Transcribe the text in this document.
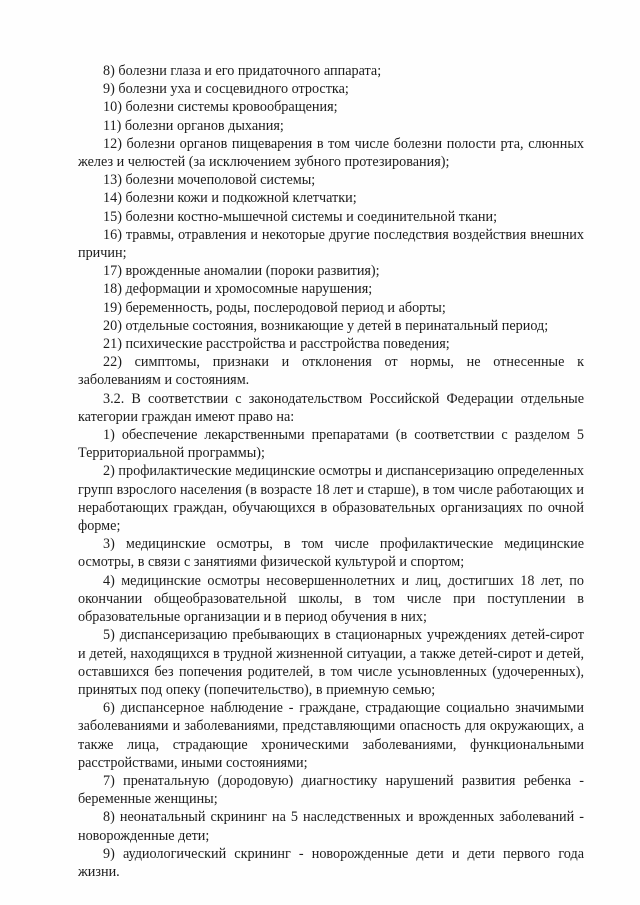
8) болезни глаза и его придаточного аппарата;

9) болезни уха и сосцевидного отростка;

10) болезни системы кровообращения;

11) болезни органов дыхания;

12) болезни органов пищеварения в том числе болезни полости рта, слюнных желез и челюстей (за исключением зубного протезирования);

13) болезни мочеполовой системы;

14) болезни кожи и подкожной клетчатки;

15) болезни костно-мышечной системы и соединительной ткани;

16) травмы, отравления и некоторые другие последствия воздействия внешних причин;

17) врожденные аномалии (пороки развития);

18) деформации и хромосомные нарушения;

19) беременность, роды, послеродовой период и аборты;

20) отдельные состояния, возникающие у детей в перинатальный период;

21) психические расстройства и расстройства поведения;

22) симптомы, признаки и отклонения от нормы, не отнесенные к заболеваниям и состояниям.

3.2. В соответствии с законодательством Российской Федерации отдельные категории граждан имеют право на:

1) обеспечение лекарственными препаратами (в соответствии с разделом 5 Территориальной программы);

2) профилактические медицинские осмотры и диспансеризацию определенных групп взрослого населения (в возрасте 18 лет и старше), в том числе работающих и неработающих граждан, обучающихся в образовательных организациях по очной форме;

3) медицинские осмотры, в том числе профилактические медицинские осмотры, в связи с занятиями физической культурой и спортом;

4) медицинские осмотры несовершеннолетних и лиц, достигших 18 лет, по окончании общеобразовательной школы, в том числе при поступлении в образовательные организации и в период обучения в них;

5) диспансеризацию пребывающих в стационарных учреждениях детей-сирот и детей, находящихся в трудной жизненной ситуации, а также детей-сирот и детей, оставшихся без попечения родителей, в том числе усыновленных (удочеренных), принятых под опеку (попечительство), в приемную семью;

6) диспансерное наблюдение - граждане, страдающие социально значимыми заболеваниями и заболеваниями, представляющими опасность для окружающих, а также лица, страдающие хроническими заболеваниями, функциональными расстройствами, иными состояниями;

7) пренатальную (дородовую) диагностику нарушений развития ребенка - беременные женщины;

8) неонатальный скрининг на 5 наследственных и врожденных заболеваний - новорожденные дети;

9) аудиологический скрининг - новорожденные дети и дети первого года жизни.
